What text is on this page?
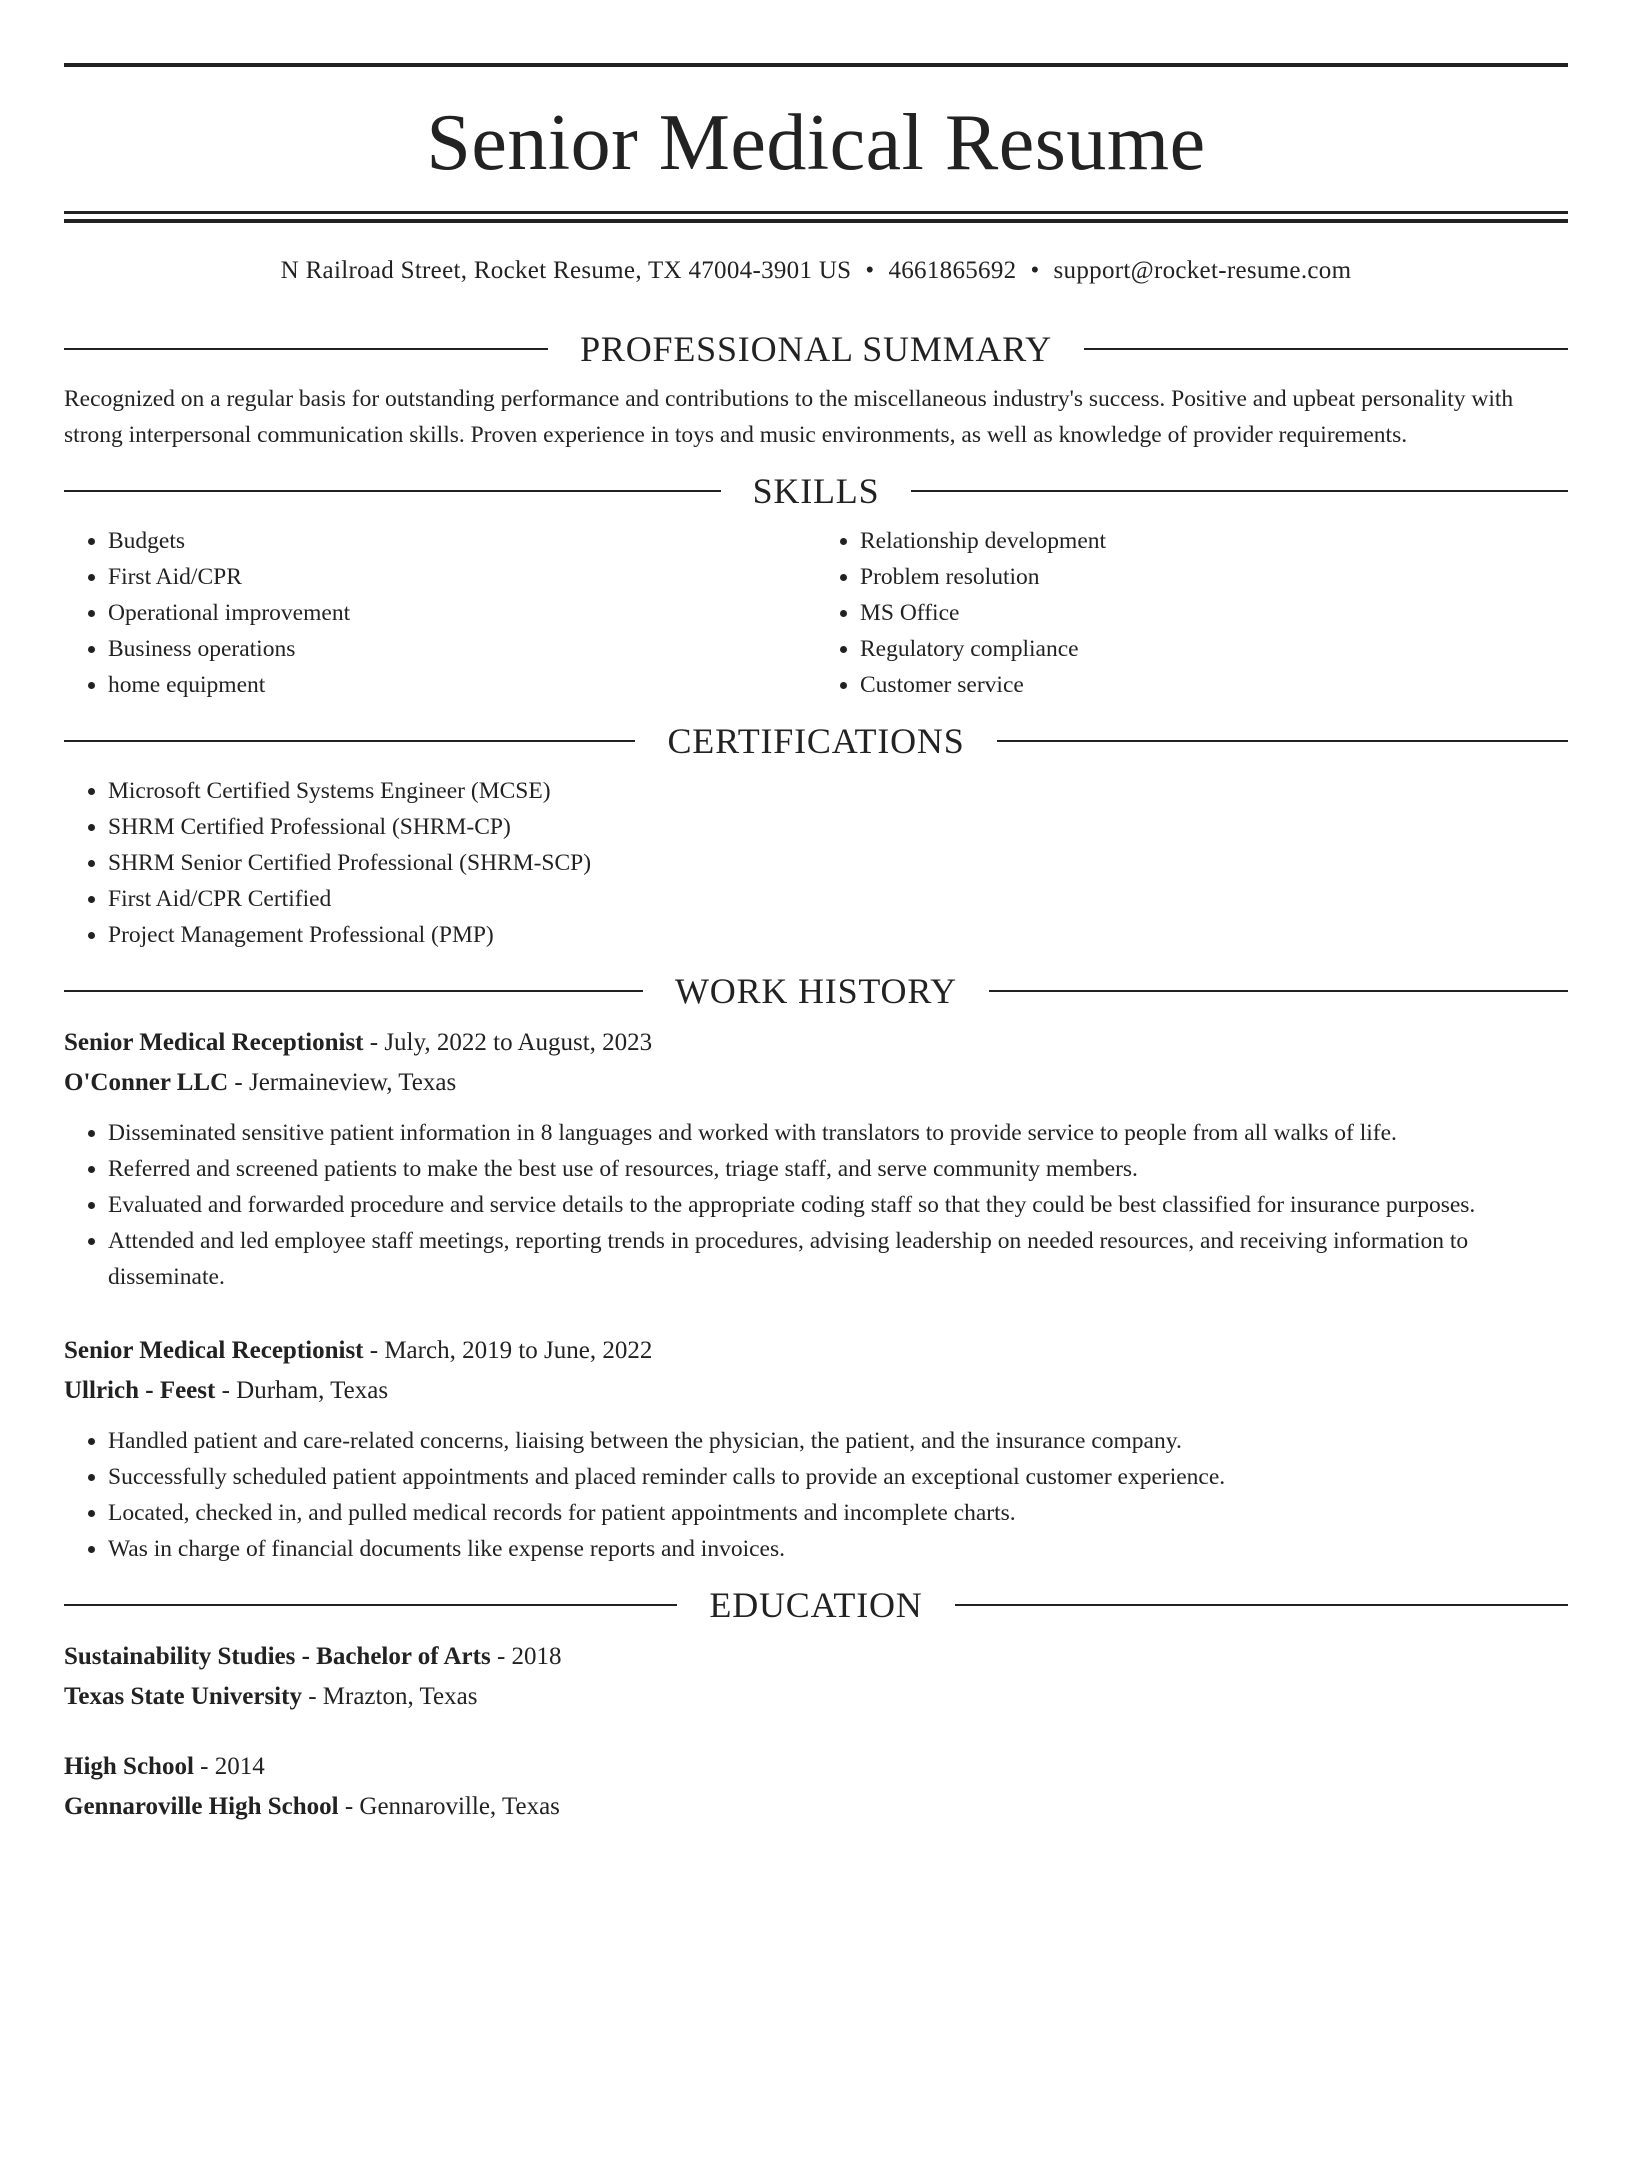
Senior Medical Resume
N Railroad Street, Rocket Resume, TX 47004-3901 US • 4661865692 • support@rocket-resume.com
PROFESSIONAL SUMMARY
Recognized on a regular basis for outstanding performance and contributions to the miscellaneous industry's success. Positive and upbeat personality with strong interpersonal communication skills. Proven experience in toys and music environments, as well as knowledge of provider requirements.
SKILLS
• Budgets
• First Aid/CPR
• Operational improvement
• Business operations
• home equipment
• Relationship development
• Problem resolution
• MS Office
• Regulatory compliance
• Customer service
CERTIFICATIONS
• Microsoft Certified Systems Engineer (MCSE)
• SHRM Certified Professional (SHRM-CP)
• SHRM Senior Certified Professional (SHRM-SCP)
• First Aid/CPR Certified
• Project Management Professional (PMP)
WORK HISTORY
Senior Medical Receptionist - July, 2022 to August, 2023
O'Conner LLC - Jermaineview, Texas
• Disseminated sensitive patient information in 8 languages and worked with translators to provide service to people from all walks of life.
• Referred and screened patients to make the best use of resources, triage staff, and serve community members.
• Evaluated and forwarded procedure and service details to the appropriate coding staff so that they could be best classified for insurance purposes.
• Attended and led employee staff meetings, reporting trends in procedures, advising leadership on needed resources, and receiving information to disseminate.
Senior Medical Receptionist - March, 2019 to June, 2022
Ullrich - Feest - Durham, Texas
• Handled patient and care-related concerns, liaising between the physician, the patient, and the insurance company.
• Successfully scheduled patient appointments and placed reminder calls to provide an exceptional customer experience.
• Located, checked in, and pulled medical records for patient appointments and incomplete charts.
• Was in charge of financial documents like expense reports and invoices.
EDUCATION
Sustainability Studies - Bachelor of Arts - 2018
Texas State University - Mrazton, Texas
High School - 2014
Gennaroville High School - Gennaroville, Texas
